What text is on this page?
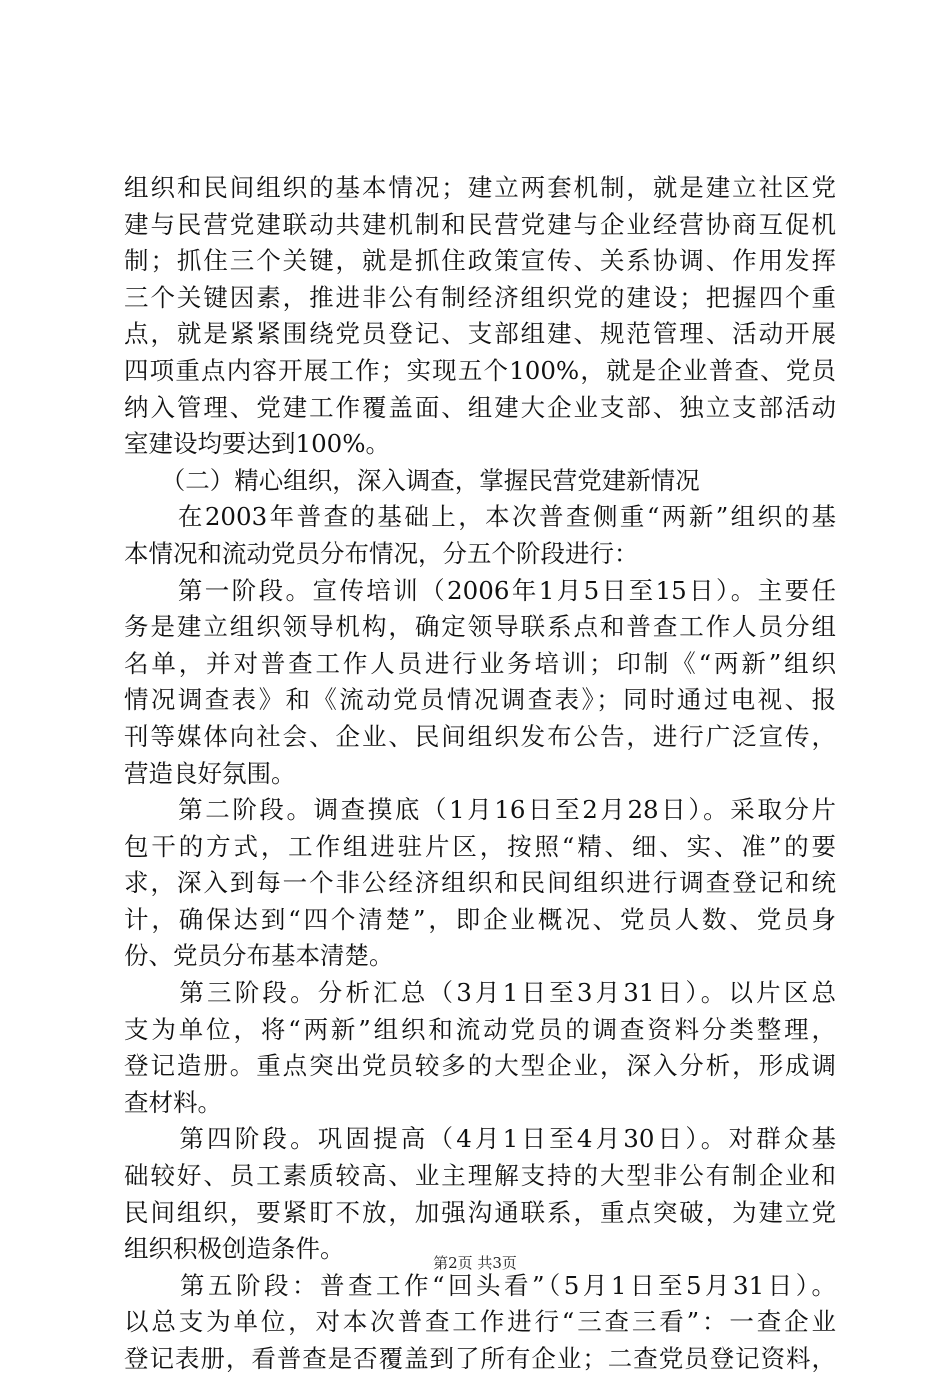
组织和民间组织的基本情况；建立两套机制，就是建立社区党
建与民营党建联动共建机制和民营党建与企业经营协商互促机
制；抓住三个关键，就是抓住政策宣传、关系协调、作用发挥
三个关键因素，推进非公有制经济组织党的建设；把握四个重
点，就是紧紧围绕党员登记、支部组建、规范管理、活动开展
四项重点内容开展工作；实现五个100%，就是企业普查、党员
纳入管理、党建工作覆盖面、组建大企业支部、独立支部活动
室建设均要达到100%。
　　（二）精心组织，深入调查，掌握民营党建新情况
　　在2003年普查的基础上，本次普查侧重“两新”组织的基
本情况和流动党员分布情况，分五个阶段进行：
　　第一阶段。宣传培训（2006年1月5日至15日）。主要任
务是建立组织领导机构，确定领导联系点和普查工作人员分组
名单，并对普查工作人员进行业务培训；印制《“两新”组织
情况调查表》和《流动党员情况调查表》；同时通过电视、报
刊等媒体向社会、企业、民间组织发布公告，进行广泛宣传，
营造良好氛围。
　　第二阶段。调查摸底（1月16日至2月28日）。采取分片
包干的方式，工作组进驻片区，按照“精、细、实、准”的要
求，深入到每一个非公经济组织和民间组织进行调查登记和统
计，确保达到“四个清楚”，即企业概况、党员人数、党员身
份、党员分布基本清楚。
　　第三阶段。分析汇总（3月1日至3月31日）。以片区总
支为单位，将“两新”组织和流动党员的调查资料分类整理，
登记造册。重点突出党员较多的大型企业，深入分析，形成调
查材料。
　　第四阶段。巩固提高（4月1日至4月30日）。对群众基
础较好、员工素质较高、业主理解支持的大型非公有制企业和
民间组织，要紧盯不放，加强沟通联系，重点突破，为建立党
组织积极创造条件。
　　第五阶段：普查工作“回头看”（5月1日至5月31日）。
以总支为单位，对本次普查工作进行“三查三看”：一查企业
登记表册，看普查是否覆盖到了所有企业；二查党员登记资料，
第2页 共3页
